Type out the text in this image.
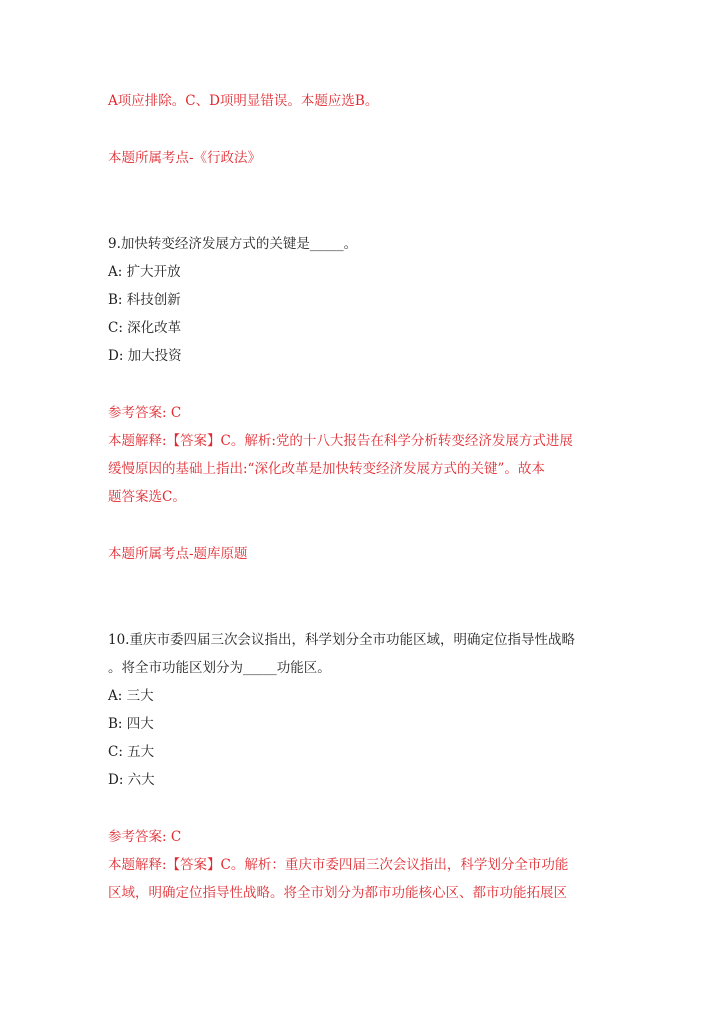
A项应排除。C、D项明显错误。本题应选B。
本题所属考点-《行政法》
9.加快转变经济发展方式的关键是_____。
A: 扩大开放
B: 科技创新
C: 深化改革
D: 加大投资
参考答案: C
本题解释:【答案】C。解析:党的十八大报告在科学分析转变经济发展方式进展
缓慢原因的基础上指出:“深化改革是加快转变经济发展方式的关键”。故本
题答案选C。
本题所属考点-题库原题
10.重庆市委四届三次会议指出，科学划分全市功能区域，明确定位指导性战略
。将全市功能区划分为_____功能区。
A: 三大
B: 四大
C: 五大
D: 六大
参考答案: C
本题解释:【答案】C。解析：重庆市委四届三次会议指出，科学划分全市功能
区域，明确定位指导性战略。将全市划分为都市功能核心区、都市功能拓展区
